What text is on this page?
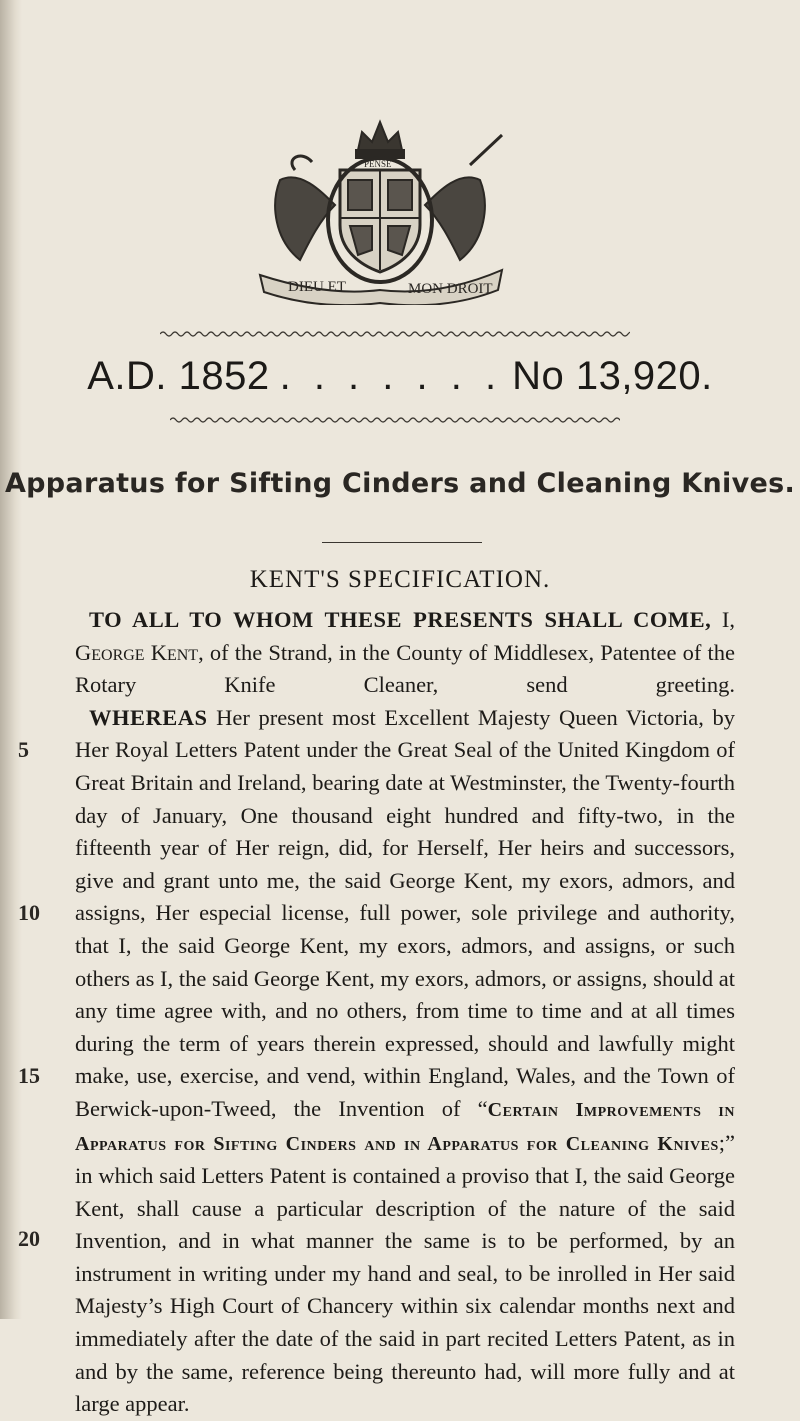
DIEU ET	MON DROIT
PENSE
A.D. 1852 . . . . . . . No 13,920.
Apparatus for Sifting Cinders and Cleaning Knives.
KENT'S SPECIFICATION.
5
10
15
20

TO ALL TO WHOM THESE PRESENTS SHALL COME, I, George Kent, of the Strand, in the County of Middlesex, Patentee of the Rotary Knife Cleaner, send greeting.

WHEREAS Her present most Excellent Majesty Queen Victoria, by Her Royal Letters Patent under the Great Seal of the United Kingdom of Great Britain and Ireland, bearing date at Westminster, the Twenty-fourth day of January, One thousand eight hundred and fifty-two, in the fifteenth year of Her reign, did, for Herself, Her heirs and successors, give and grant unto me, the said George Kent, my exors, admors, and assigns, Her especial license, full power, sole privilege and authority, that I, the said George Kent, my exors, admors, and assigns, or such others as I, the said George Kent, my exors, admors, or assigns, should at any time agree with, and no others, from time to time and at all times during the term of years therein expressed, should and lawfully might make, use, exercise, and vend, within England, Wales, and the Town of Berwick-upon-Tweed, the Invention of “Certain Improvements in Apparatus for Sifting Cinders and in Apparatus for Cleaning Knives;” in which said Letters Patent is contained a proviso that I, the said George Kent, shall cause a particular description of the nature of the said Invention, and in what manner the same is to be performed, by an instrument in writing under my hand and seal, to be inrolled in Her said Majesty’s High Court of Chancery within six calendar months next and immediately after the date of the said in part recited Letters Patent, as in and by the same, reference being thereunto had, will more fully and at large appear.
